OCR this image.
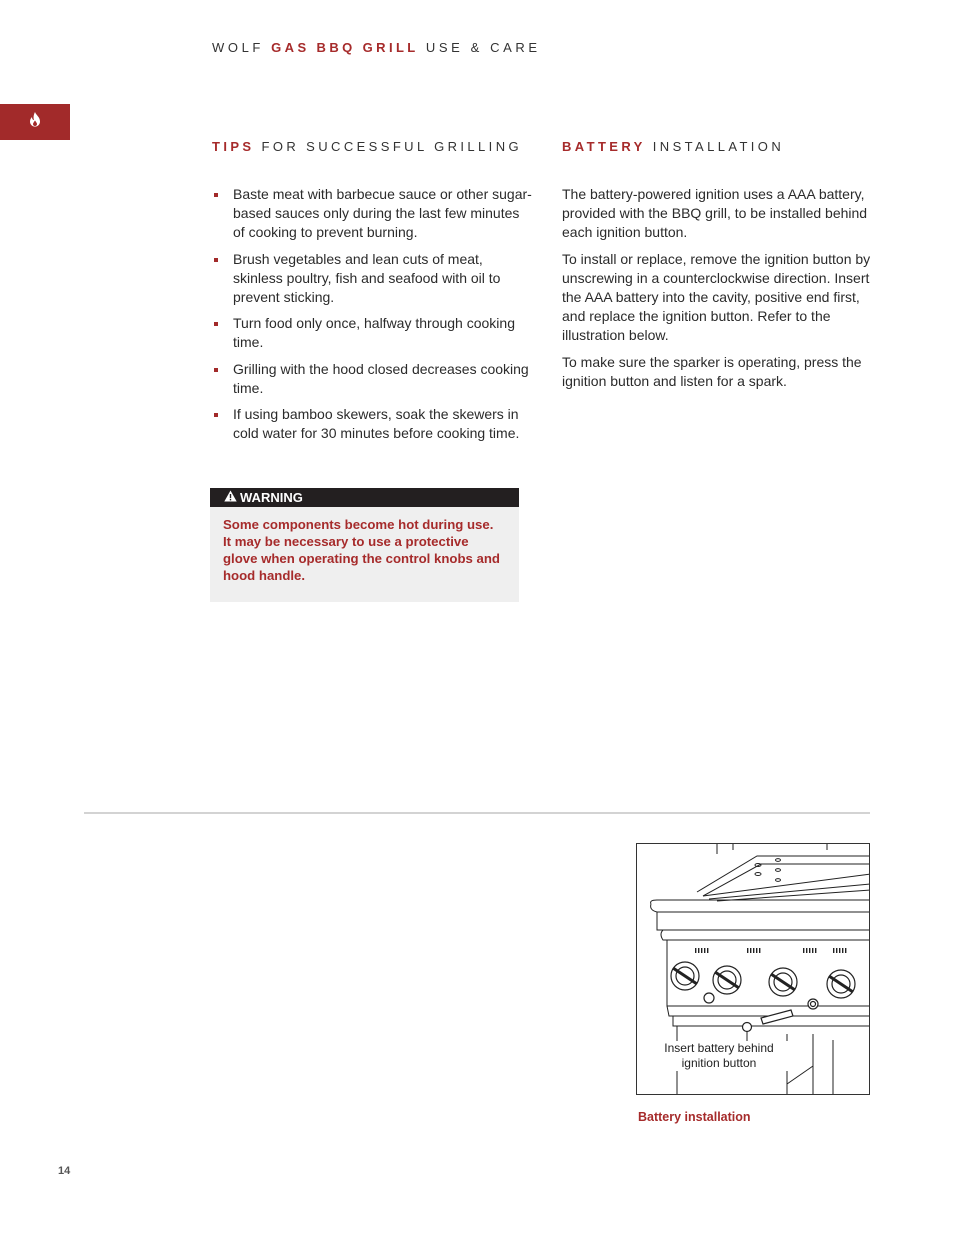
WOLF GAS BBQ GRILL USE & CARE
TIPS FOR SUCCESSFUL GRILLING
Baste meat with barbecue sauce or other sugar-based sauces only during the last few minutes of cooking to prevent burning.
Brush vegetables and lean cuts of meat, skinless poultry, fish and seafood with oil to prevent sticking.
Turn food only once, halfway through cooking time.
Grilling with the hood closed decreases cooking time.
If using bamboo skewers, soak the skewers in cold water for 30 minutes before cooking time.
WARNING
Some components become hot during use. It may be necessary to use a protective glove when operating the control knobs and hood handle.
BATTERY INSTALLATION

The battery-powered ignition uses a AAA battery, provided with the BBQ grill, to be installed behind each ignition button.

To install or replace, remove the ignition button by unscrewing in a counterclockwise direction. Insert the AAA battery into the cavity, positive end first, and replace the ignition button. Refer to the illustration below.

To make sure the sparker is operating, press the ignition button and listen for a spark.

Insert battery behind
ignition button
Battery installation
14
